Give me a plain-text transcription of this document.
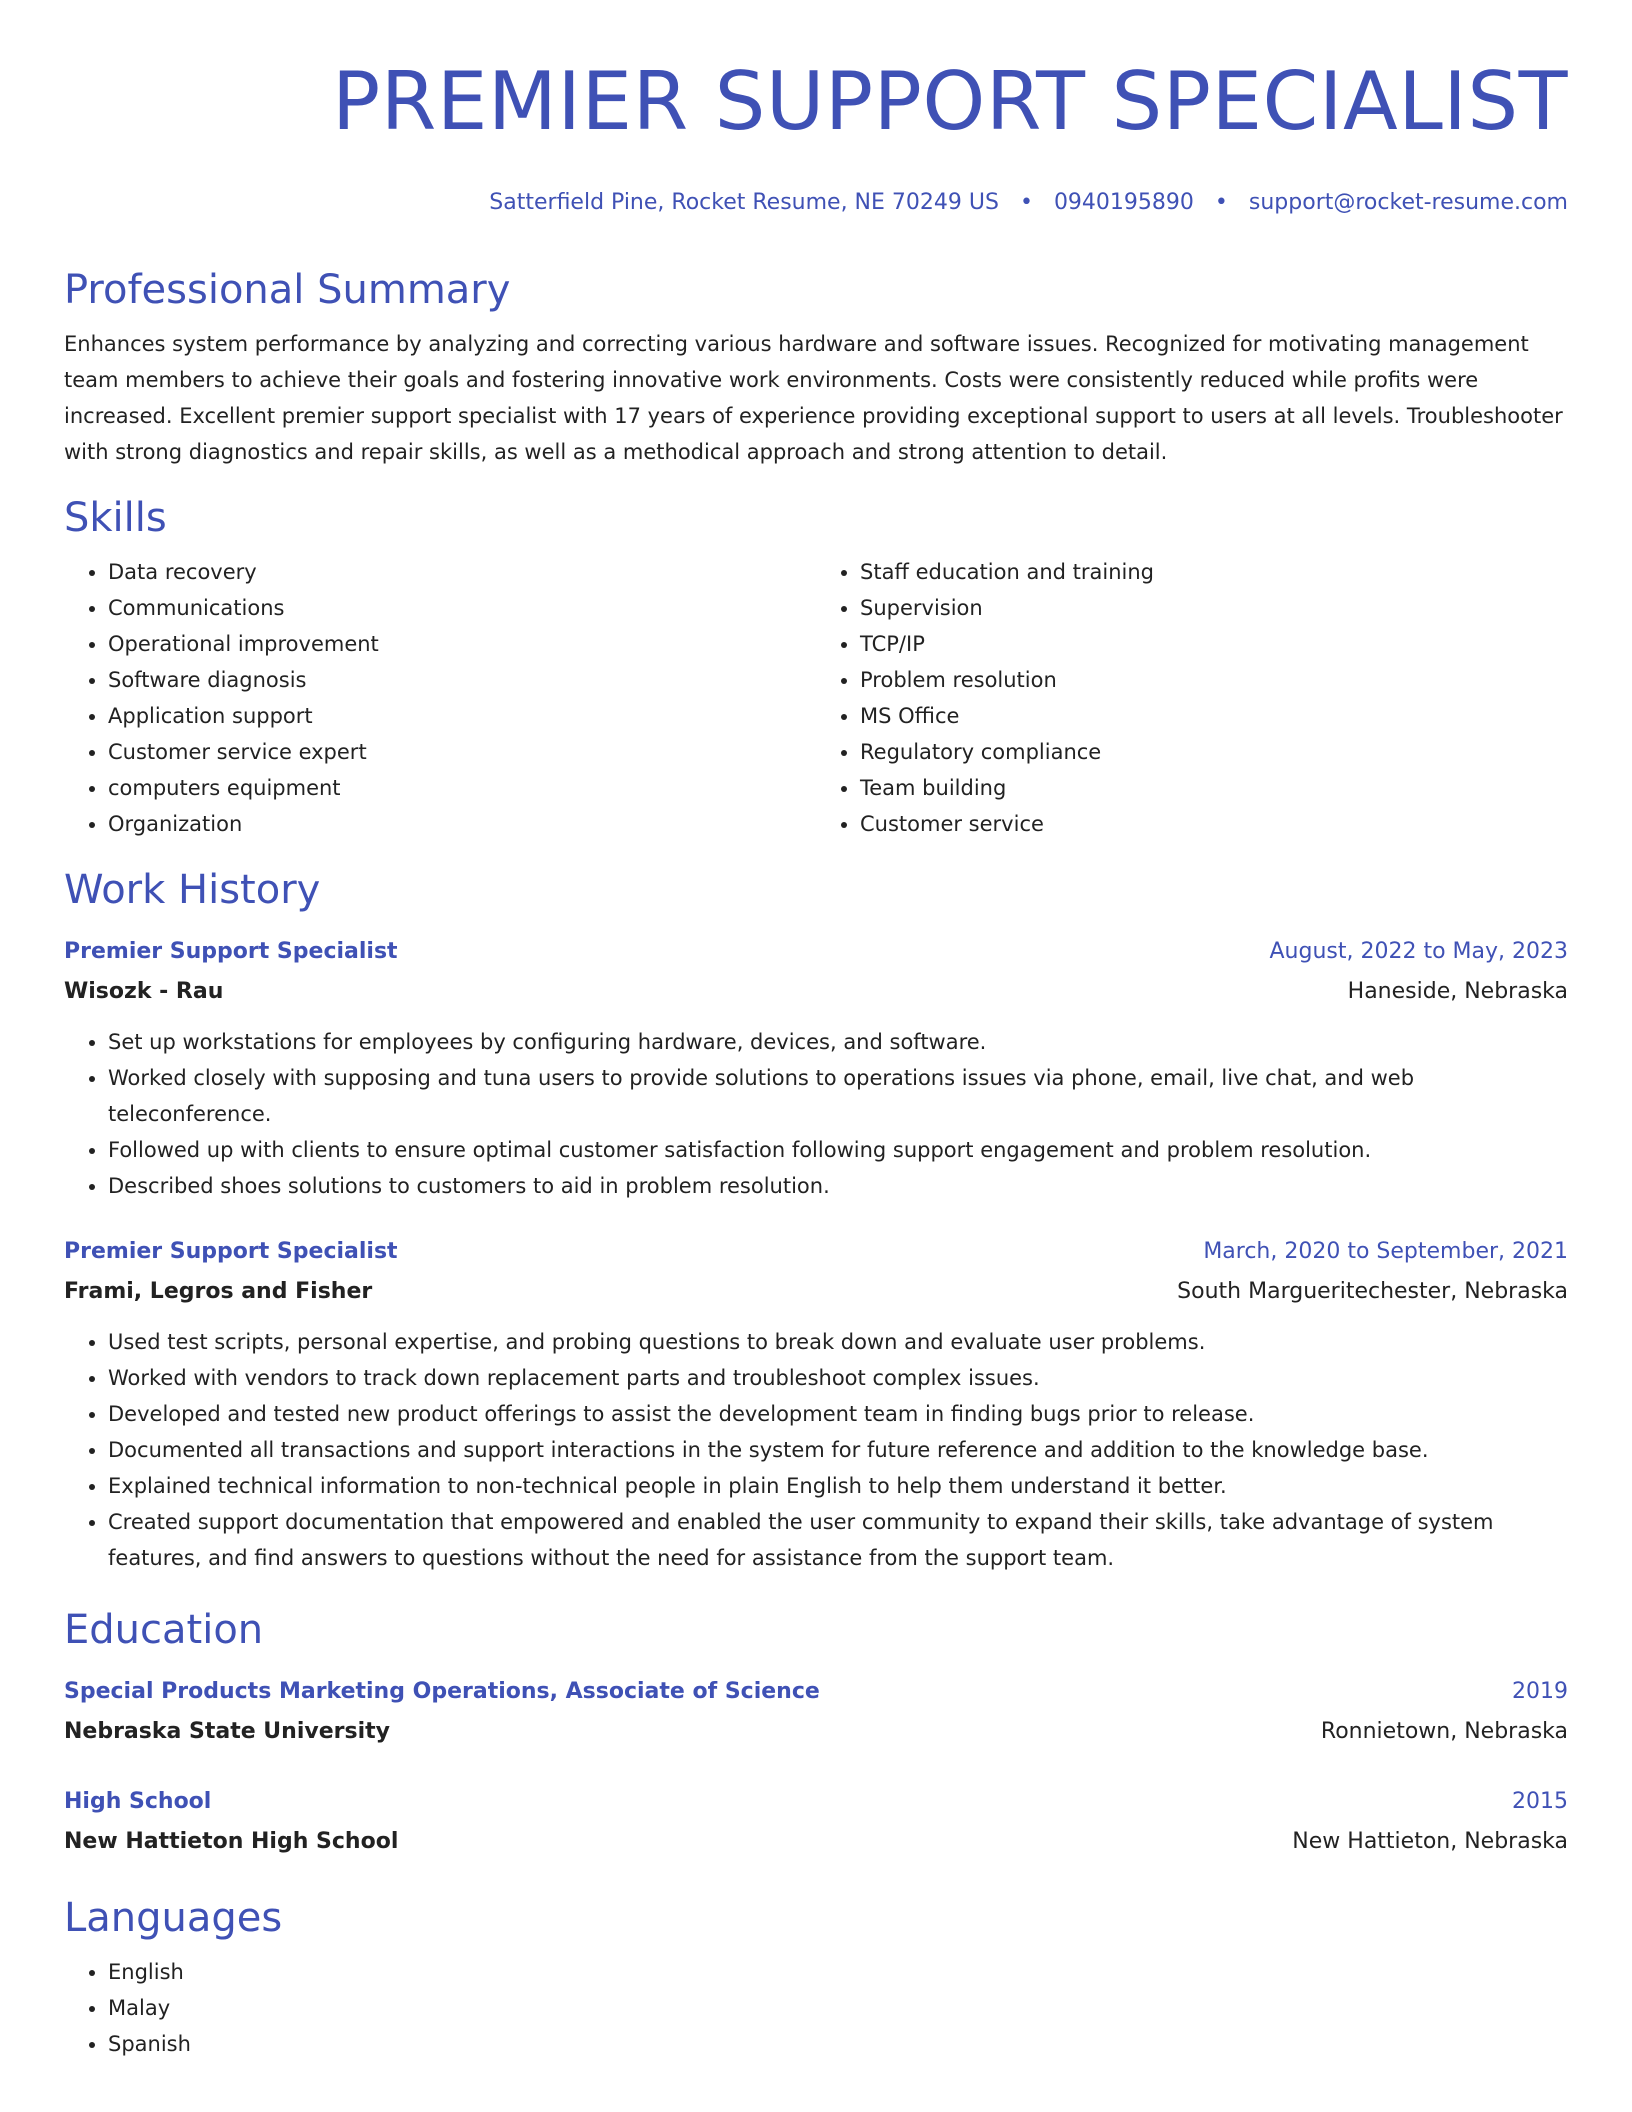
PREMIER SUPPORT SPECIALIST
Satterfield Pine, Rocket Resume, NE 70249 US • 0940195890 • support@rocket-resume.com
Professional Summary
Enhances system performance by analyzing and correcting various hardware and software issues. Recognized for motivating management team members to achieve their goals and fostering innovative work environments. Costs were consistently reduced while profits were increased. Excellent premier support specialist with 17 years of experience providing exceptional support to users at all levels. Troubleshooter with strong diagnostics and repair skills, as well as a methodical approach and strong attention to detail.
Skills
• Data recovery
• Communications
• Operational improvement
• Software diagnosis
• Application support
• Customer service expert
• computers equipment
• Organization
• Staff education and training
• Supervision
• TCP/IP
• Problem resolution
• MS Office
• Regulatory compliance
• Team building
• Customer service
Work History
Premier Support Specialist	August, 2022 to May, 2023
Wisozk - Rau	Haneside, Nebraska
• Set up workstations for employees by configuring hardware, devices, and software.
• Worked closely with supposing and tuna users to provide solutions to operations issues via phone, email, live chat, and web teleconference.
• Followed up with clients to ensure optimal customer satisfaction following support engagement and problem resolution.
• Described shoes solutions to customers to aid in problem resolution.
Premier Support Specialist	March, 2020 to September, 2021
Frami, Legros and Fisher	South Margueritechester, Nebraska
• Used test scripts, personal expertise, and probing questions to break down and evaluate user problems.
• Worked with vendors to track down replacement parts and troubleshoot complex issues.
• Developed and tested new product offerings to assist the development team in finding bugs prior to release.
• Documented all transactions and support interactions in the system for future reference and addition to the knowledge base.
• Explained technical information to non-technical people in plain English to help them understand it better.
• Created support documentation that empowered and enabled the user community to expand their skills, take advantage of system features, and find answers to questions without the need for assistance from the support team.
Education
Special Products Marketing Operations, Associate of Science	2019
Nebraska State University	Ronnietown, Nebraska
High School	2015
New Hattieton High School	New Hattieton, Nebraska
Languages
• English
• Malay
• Spanish
